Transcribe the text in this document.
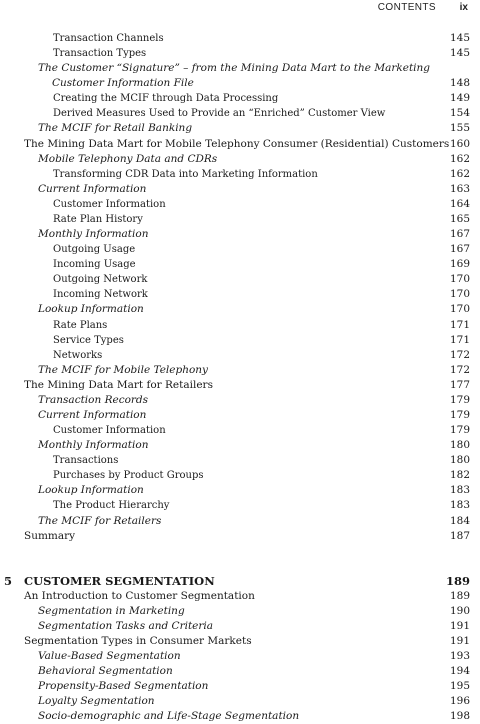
CONTENTS ix
Transaction Channels	145
Transaction Types	145
The Customer “Signature” – from the Mining Data Mart to the Marketing
Customer Information File	148
Creating the MCIF through Data Processing	149
Derived Measures Used to Provide an “Enriched” Customer View	154
The MCIF for Retail Banking	155
The Mining Data Mart for Mobile Telephony Consumer (Residential) Customers 160
Mobile Telephony Data and CDRs	162
Transforming CDR Data into Marketing Information	162
Current Information	163
Customer Information	164
Rate Plan History	165
Monthly Information	167
Outgoing Usage	167
Incoming Usage	169
Outgoing Network	170
Incoming Network	170
Lookup Information	170
Rate Plans	171
Service Types	171
Networks	172
The MCIF for Mobile Telephony	172
The Mining Data Mart for Retailers	177
Transaction Records	179
Current Information	179
Customer Information	179
Monthly Information	180
Transactions	180
Purchases by Product Groups	182
Lookup Information	183
The Product Hierarchy	183
The MCIF for Retailers	184
Summary	187
5 CUSTOMER SEGMENTATION	189
An Introduction to Customer Segmentation	189
Segmentation in Marketing	190
Segmentation Tasks and Criteria	191
Segmentation Types in Consumer Markets	191
Value-Based Segmentation	193
Behavioral Segmentation	194
Propensity-Based Segmentation	195
Loyalty Segmentation	196
Socio-demographic and Life-Stage Segmentation	198
